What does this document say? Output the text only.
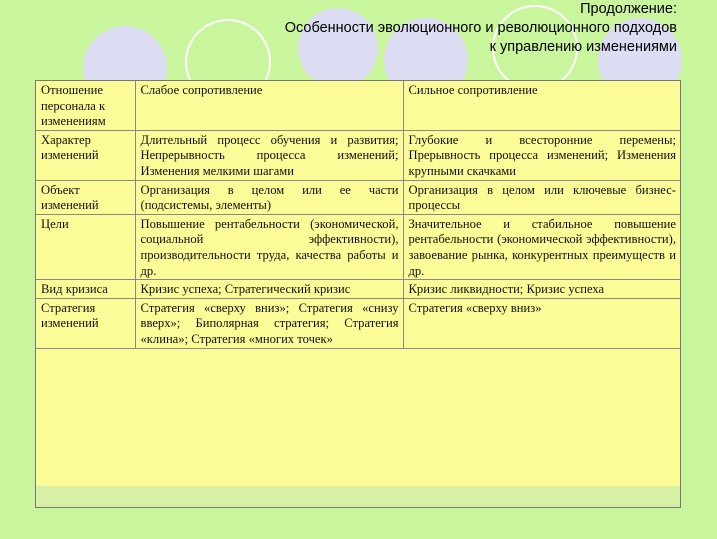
Продолжение:
Особенности эволюционного и революционного подходов
к управлению изменениями
Отношение персонала к изменениям	Слабое сопротивление	Сильное сопротивление
Характер изменений	Длительный процесс обучения и развития; Непрерывность процесса изменений; Изменения мелкими шагами	Глубокие и всесторонние перемены; Прерывность процесса изменений; Изменения крупными скачками
Объект изменений	Организация в целом или ее части (подсистемы, элементы)	Организация в целом или ключевые бизнес-процессы
Цели	Повышение рентабельности (экономической, социальной эффективности), производительности труда, качества работы и др.	Значительное и стабильное повышение рентабельности (экономической эффективности), завоевание рынка, конкурентных преимуществ и др.
Вид кризиса	Кризис успеха; Стратегический кризис	Кризис ликвидности; Кризис успеха
Стратегия изменений	Стратегия «сверху вниз»; Стратегия «снизу вверх»; Биполярная стратегия; Стратегия «клина»; Стратегия «многих точек»	Стратегия «сверху вниз»
